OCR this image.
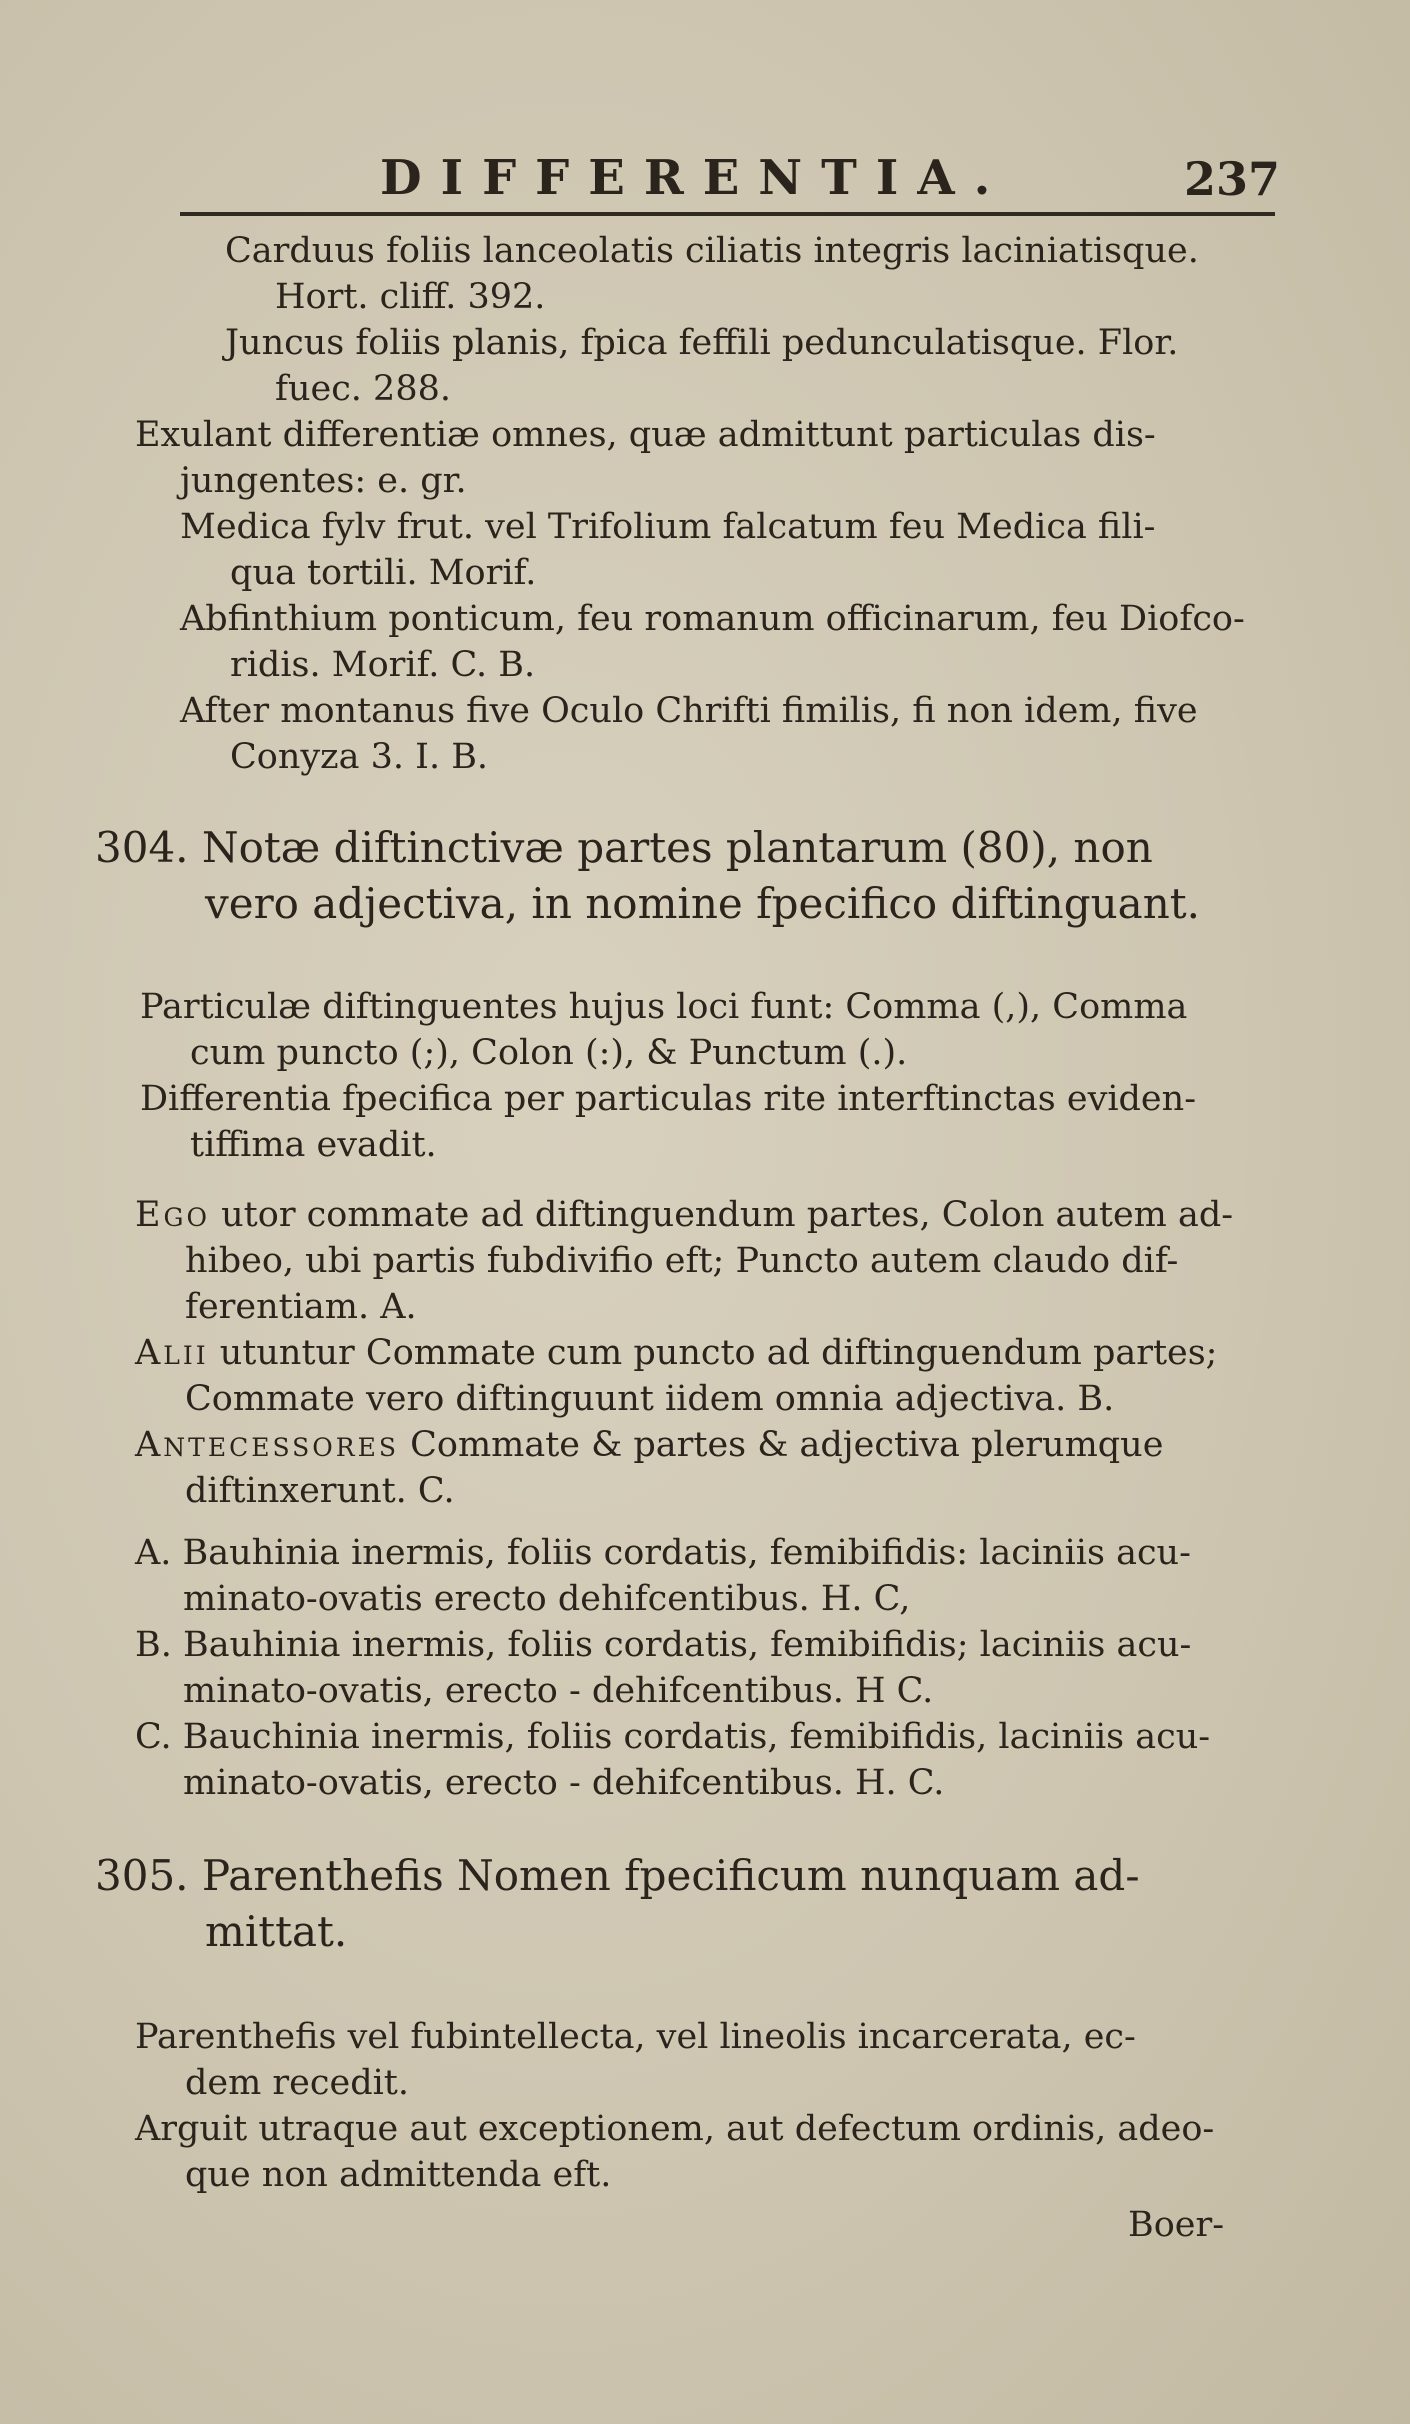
DIFFERENTIA.	237
Carduus foliis lanceolatis ciliatis integris laciniatisque.
Hort. cliff. 392.
Juncus foliis planis, fpica feffili pedunculatisque. Flor.
fuec. 288.
Exulant differentiæ omnes, quæ admittunt particulas dis-
jungentes: e. gr.
Medica fylv frut. vel Trifolium falcatum feu Medica fili-
qua tortili. Morif.
Abfinthium ponticum, feu romanum officinarum, feu Diofco-
ridis. Morif. C. B.
After montanus five Oculo Chrifti fimilis, fi non idem, five
Conyza 3. I. B.
304. Notæ diftinctivæ partes plantarum (80), non
vero adjectiva, in nomine fpecifico diftinguant.
Particulæ diftinguentes hujus loci funt: Comma (,), Comma
cum puncto (;), Colon (:), & Punctum (.).
Differentia fpecifica per particulas rite interftinctas eviden-
tiffima evadit.
Ego utor commate ad diftinguendum partes, Colon autem ad-
hibeo, ubi partis fubdivifio eft; Puncto autem claudo dif-
ferentiam. A.
Alii utuntur Commate cum puncto ad diftinguendum partes;
Commate vero diftinguunt iidem omnia adjectiva. B.
Antecessores Commate & partes & adjectiva plerumque
diftinxerunt. C.
A. Bauhinia inermis, foliis cordatis, femibifidis: laciniis acu-
minato-ovatis erecto dehifcentibus. H. C,
B. Bauhinia inermis, foliis cordatis, femibifidis; laciniis acu-
minato-ovatis, erecto - dehifcentibus. H C.
C. Bauchinia inermis, foliis cordatis, femibifidis, laciniis acu-
minato-ovatis, erecto - dehifcentibus. H. C.
305. Parenthefis Nomen fpecificum nunquam ad-
mittat.
Parenthefis vel fubintellecta, vel lineolis incarcerata, ec-
dem recedit.
Arguit utraque aut exceptionem, aut defectum ordinis, adeo-
que non admittenda eft.
Boer-
